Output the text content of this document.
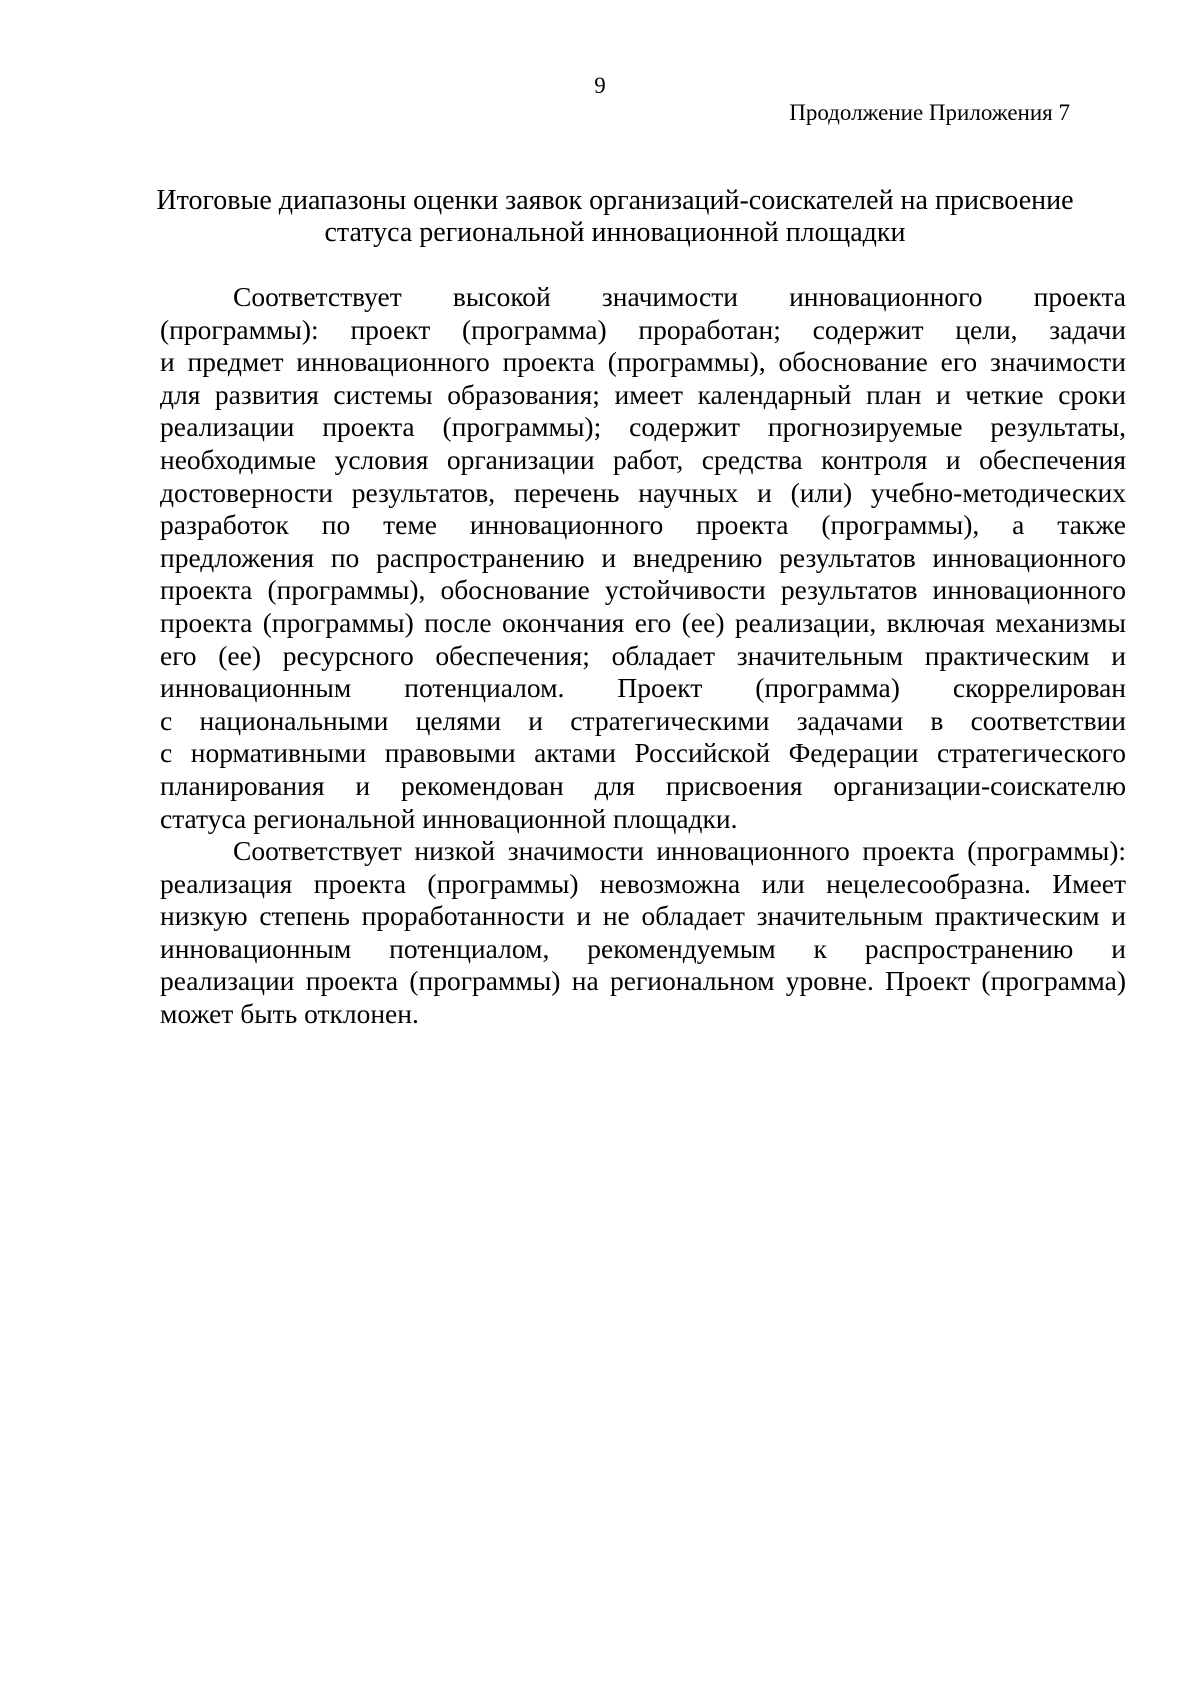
9
Продолжение Приложения 7
Итоговые диапазоны оценки заявок организаций-соискателей на присвоение
статуса региональной инновационной площадки
Соответствует высокой значимости инновационного проекта
(программы): проект (программа) проработан; содержит цели, задачи
и предмет инновационного проекта (программы), обоснование его значимости
для развития системы образования; имеет календарный план и четкие сроки
реализации проекта (программы); содержит прогнозируемые результаты,
необходимые условия организации работ, средства контроля и обеспечения
достоверности результатов, перечень научных и (или) учебно-методических
разработок по теме инновационного проекта (программы), а также
предложения по распространению и внедрению результатов инновационного
проекта (программы), обоснование устойчивости результатов инновационного
проекта (программы) после окончания его (ее) реализации, включая механизмы
его (ее) ресурсного обеспечения; обладает значительным практическим и
инновационным потенциалом. Проект (программа) скоррелирован
с национальными целями и стратегическими задачами в соответствии
с нормативными правовыми актами Российской Федерации стратегического
планирования и рекомендован для присвоения организации-соискателю
статуса региональной инновационной площадки.
Соответствует низкой значимости инновационного проекта (программы):
реализация проекта (программы) невозможна или нецелесообразна. Имеет
низкую степень проработанности и не обладает значительным практическим и
инновационным потенциалом, рекомендуемым к распространению и
реализации проекта (программы) на региональном уровне. Проект (программа)
может быть отклонен.
